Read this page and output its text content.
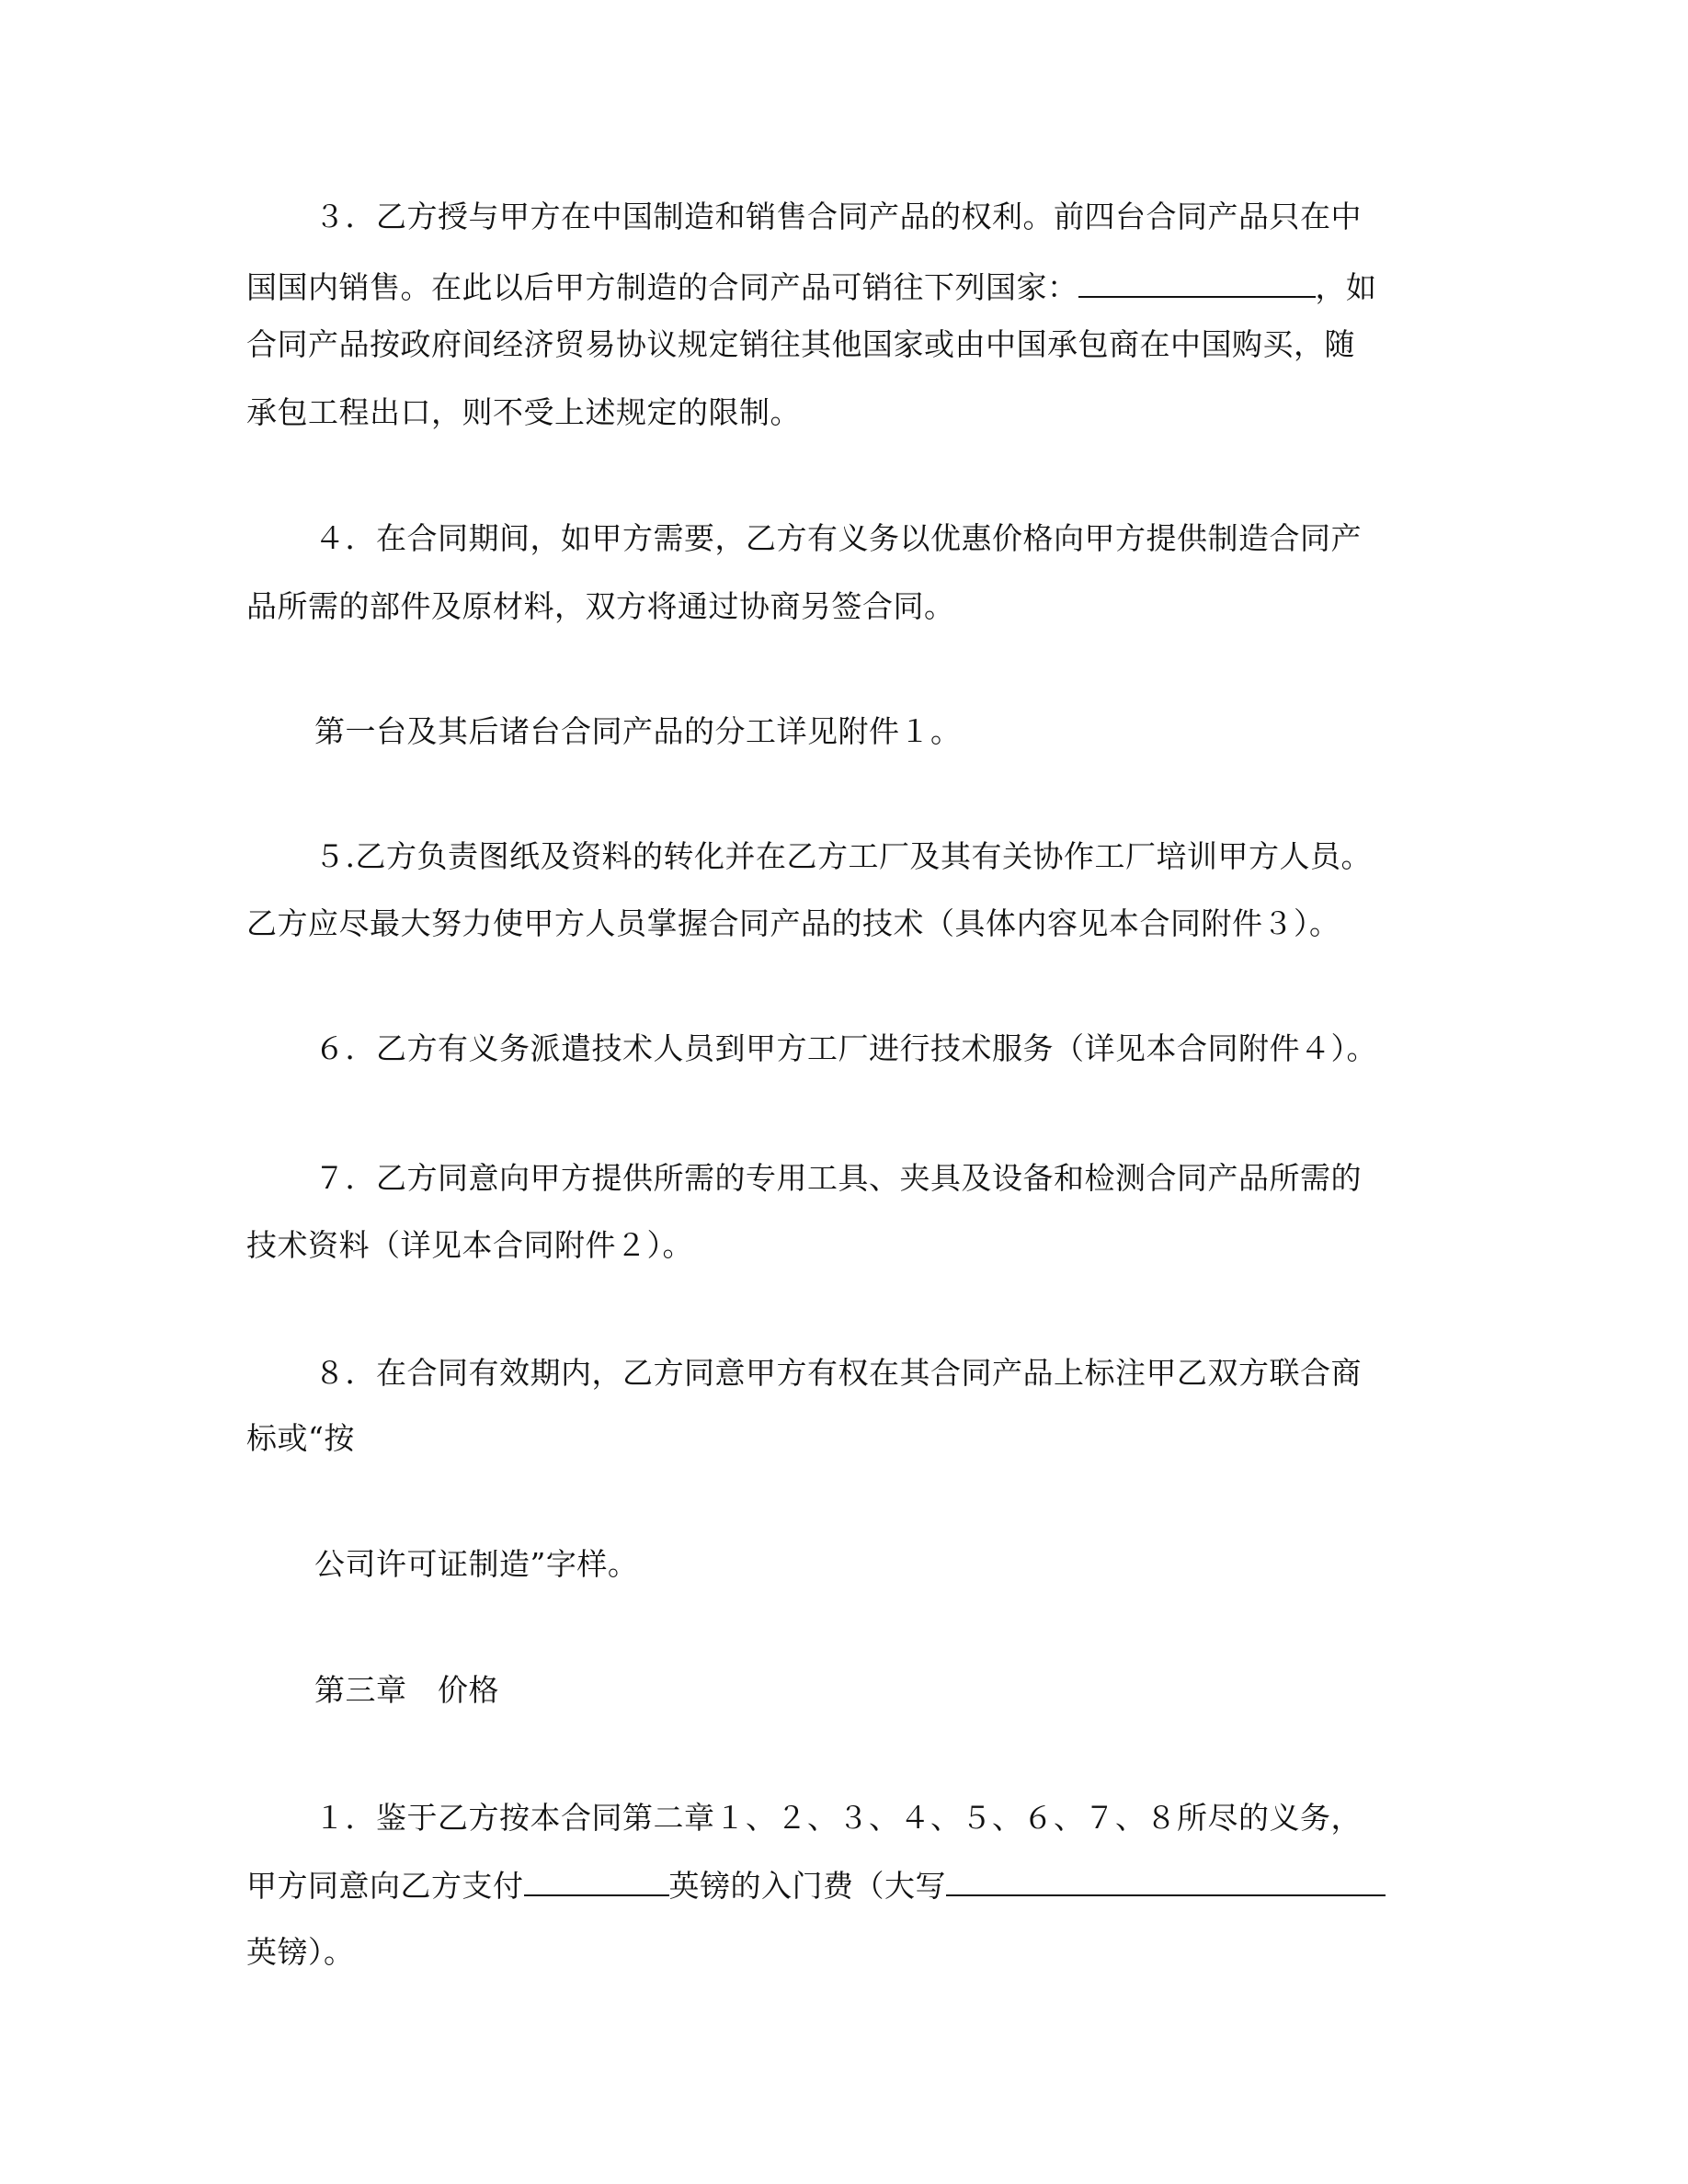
３．乙方授与甲方在中国制造和销售合同产品的权利。前四台合同产品只在中
国国内销售。在此以后甲方制造的合同产品可销往下列国家：	，如
合同产品按政府间经济贸易协议规定销往其他国家或由中国承包商在中国购买，随
承包工程出口，则不受上述规定的限制。
４．在合同期间，如甲方需要，乙方有义务以优惠价格向甲方提供制造合同产
品所需的部件及原材料，双方将通过协商另签合同。
第一台及其后诸台合同产品的分工详见附件１。
５.乙方负责图纸及资料的转化并在乙方工厂及其有关协作工厂培训甲方人员。
乙方应尽最大努力使甲方人员掌握合同产品的技术（具体内容见本合同附件３）。
６．乙方有义务派遣技术人员到甲方工厂进行技术服务（详见本合同附件４）。
７．乙方同意向甲方提供所需的专用工具、夹具及设备和检测合同产品所需的
技术资料（详见本合同附件２）。
８．在合同有效期内，乙方同意甲方有权在其合同产品上标注甲乙双方联合商
标或“按
公司许可证制造”字样。
第三章　价格
１．鉴于乙方按本合同第二章１、２、３、４、５、６、７、８所尽的义务，
甲方同意向乙方支付	英镑的入门费（大写
英镑）。
